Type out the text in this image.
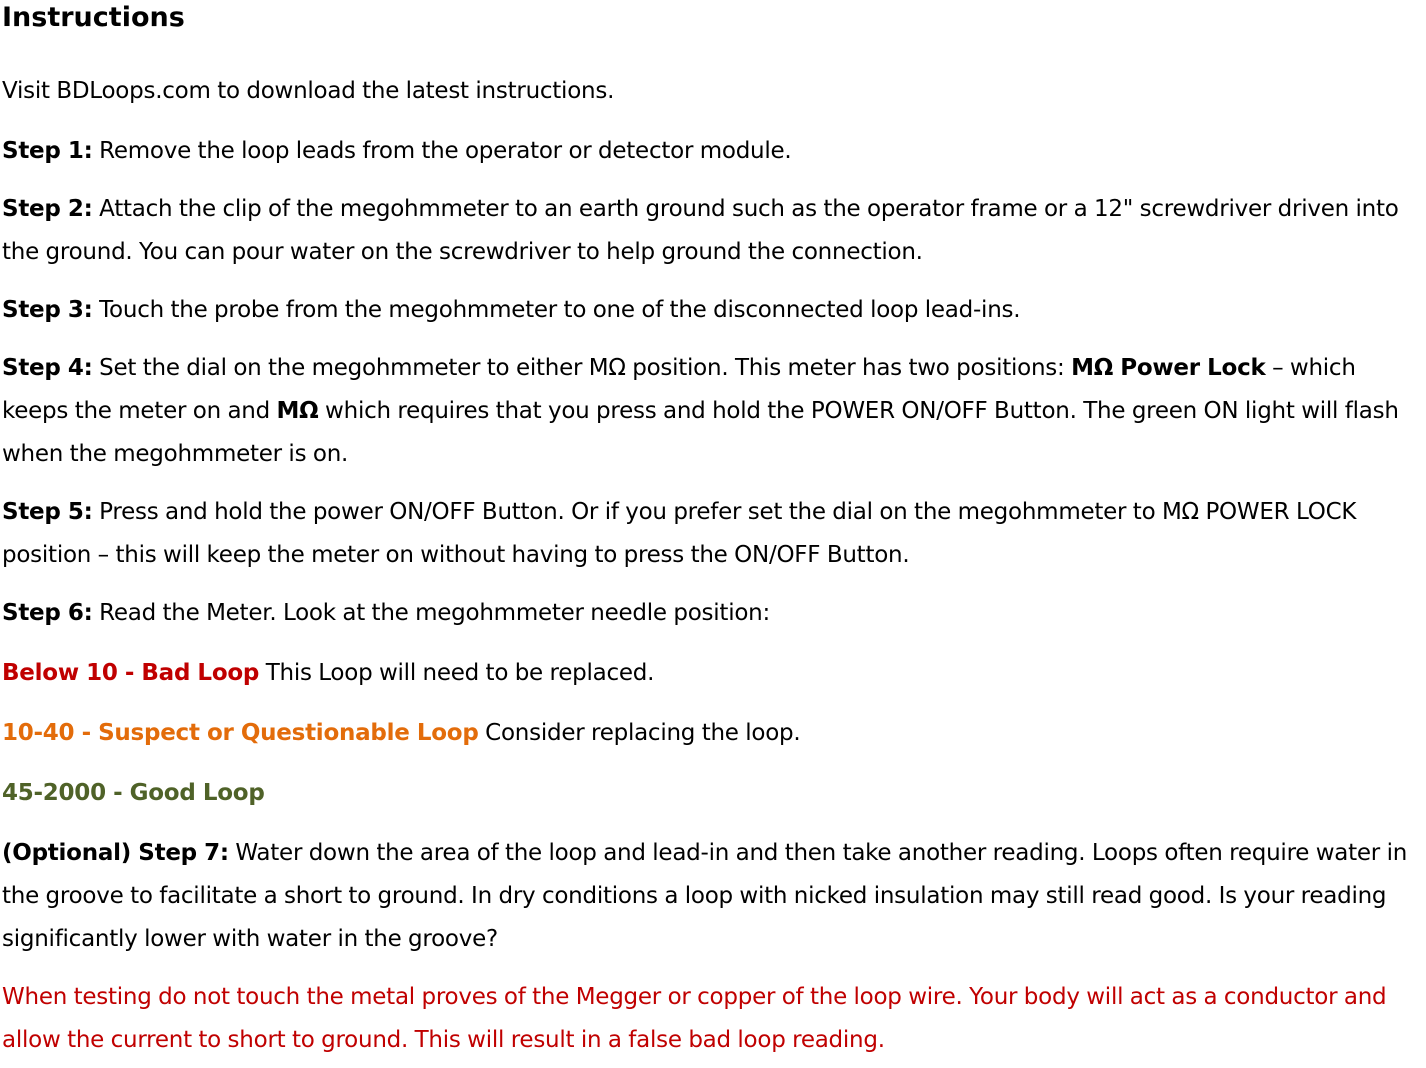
Instructions

Visit BDLoops.com to download the latest instructions.

Step 1: Remove the loop leads from the operator or detector module.

Step 2: Attach the clip of the megohmmeter to an earth ground such as the operator frame or a 12" screwdriver driven into the ground. You can pour water on the screwdriver to help ground the connection.

Step 3: Touch the probe from the megohmmeter to one of the disconnected loop lead-ins.

Step 4: Set the dial on the megohmmeter to either MΩ position. This meter has two positions: MΩ Power Lock – which keeps the meter on and MΩ which requires that you press and hold the POWER ON/OFF Button. The green ON light will flash when the megohmmeter is on.

Step 5: Press and hold the power ON/OFF Button. Or if you prefer set the dial on the megohmmeter to MΩ POWER LOCK position – this will keep the meter on without having to press the ON/OFF Button.

Step 6: Read the Meter. Look at the megohmmeter needle position:

Below 10 - Bad Loop This Loop will need to be replaced.

10-40 - Suspect or Questionable Loop Consider replacing the loop.

45-2000 - Good Loop

(Optional) Step 7: Water down the area of the loop and lead-in and then take another reading. Loops often require water in the groove to facilitate a short to ground. In dry conditions a loop with nicked insulation may still read good. Is your reading significantly lower with water in the groove?

When testing do not touch the metal proves of the Megger or copper of the loop wire. Your body will act as a conductor and allow the current to short to ground. This will result in a false bad loop reading.
